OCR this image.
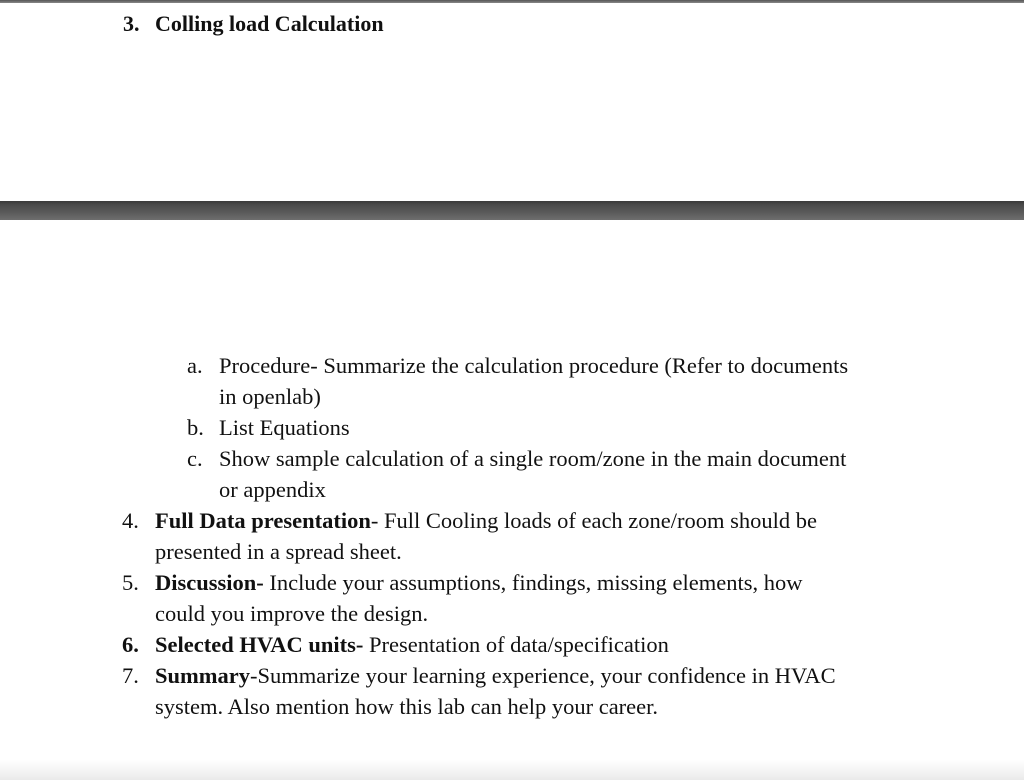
3. Colling load Calculation
a. Procedure- Summarize the calculation procedure (Refer to documents
in openlab)
b. List Equations
c. Show sample calculation of a single room/zone in the main document
or appendix
4. Full Data presentation- Full Cooling loads of each zone/room should be
presented in a spread sheet.
5. Discussion- Include your assumptions, findings, missing elements, how
could you improve the design.
6. Selected HVAC units- Presentation of data/specification
7. Summary-Summarize your learning experience, your confidence in HVAC
system. Also mention how this lab can help your career.
